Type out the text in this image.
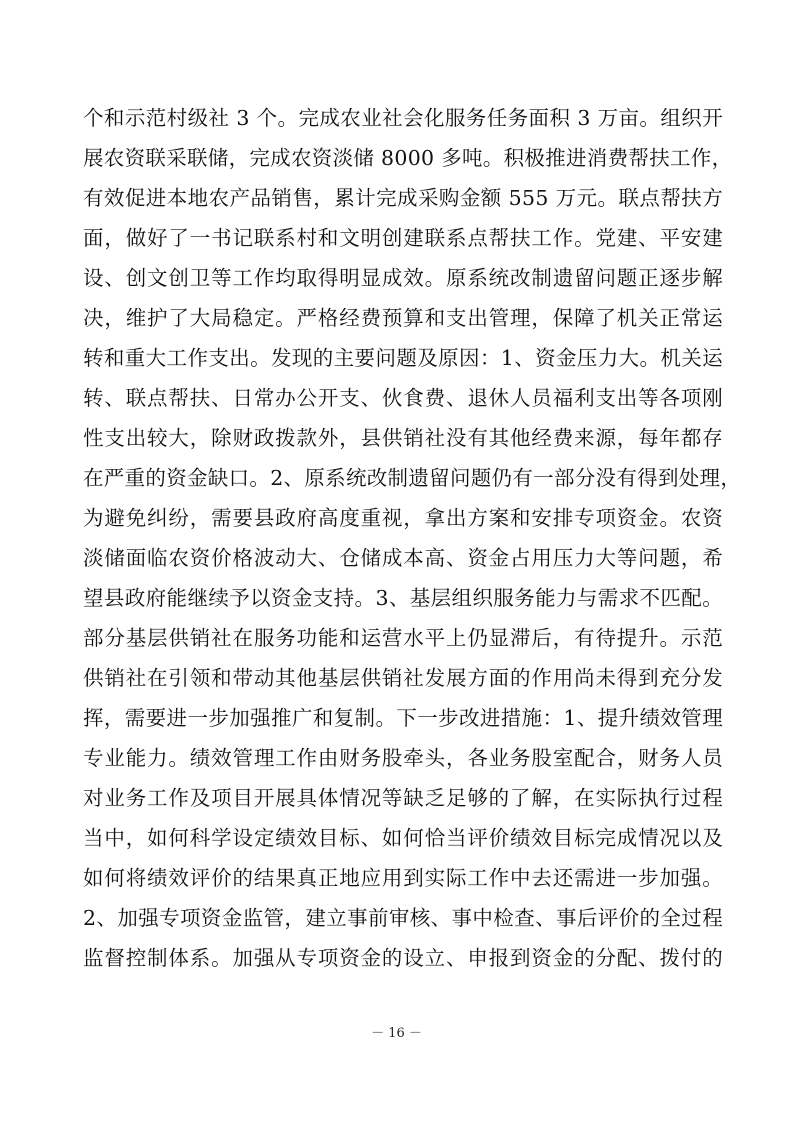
个和示范村级社 3 个。完成农业社会化服务任务面积 3 万亩。组织开
展农资联采联储，完成农资淡储 8000 多吨。积极推进消费帮扶工作，
有效促进本地农产品销售，累计完成采购金额 555 万元。联点帮扶方
面，做好了一书记联系村和文明创建联系点帮扶工作。党建、平安建
设、创文创卫等工作均取得明显成效。原系统改制遗留问题正逐步解
决，维护了大局稳定。严格经费预算和支出管理，保障了机关正常运
转和重大工作支出。发现的主要问题及原因：1、资金压力大。机关运
转、联点帮扶、日常办公开支、伙食费、退休人员福利支出等各项刚
性支出较大，除财政拨款外，县供销社没有其他经费来源，每年都存
在严重的资金缺口。2、原系统改制遗留问题仍有一部分没有得到处理，
为避免纠纷，需要县政府高度重视，拿出方案和安排专项资金。农资
淡储面临农资价格波动大、仓储成本高、资金占用压力大等问题，希
望县政府能继续予以资金支持。3、基层组织服务能力与需求不匹配。
部分基层供销社在服务功能和运营水平上仍显滞后，有待提升。示范
供销社在引领和带动其他基层供销社发展方面的作用尚未得到充分发
挥，需要进一步加强推广和复制。下一步改进措施：1、提升绩效管理
专业能力。绩效管理工作由财务股牵头，各业务股室配合，财务人员
对业务工作及项目开展具体情况等缺乏足够的了解，在实际执行过程
当中，如何科学设定绩效目标、如何恰当评价绩效目标完成情况以及
如何将绩效评价的结果真正地应用到实际工作中去还需进一步加强。
2、加强专项资金监管，建立事前审核、事中检查、事后评价的全过程
监督控制体系。加强从专项资金的设立、申报到资金的分配、拨付的
－ 16 －
